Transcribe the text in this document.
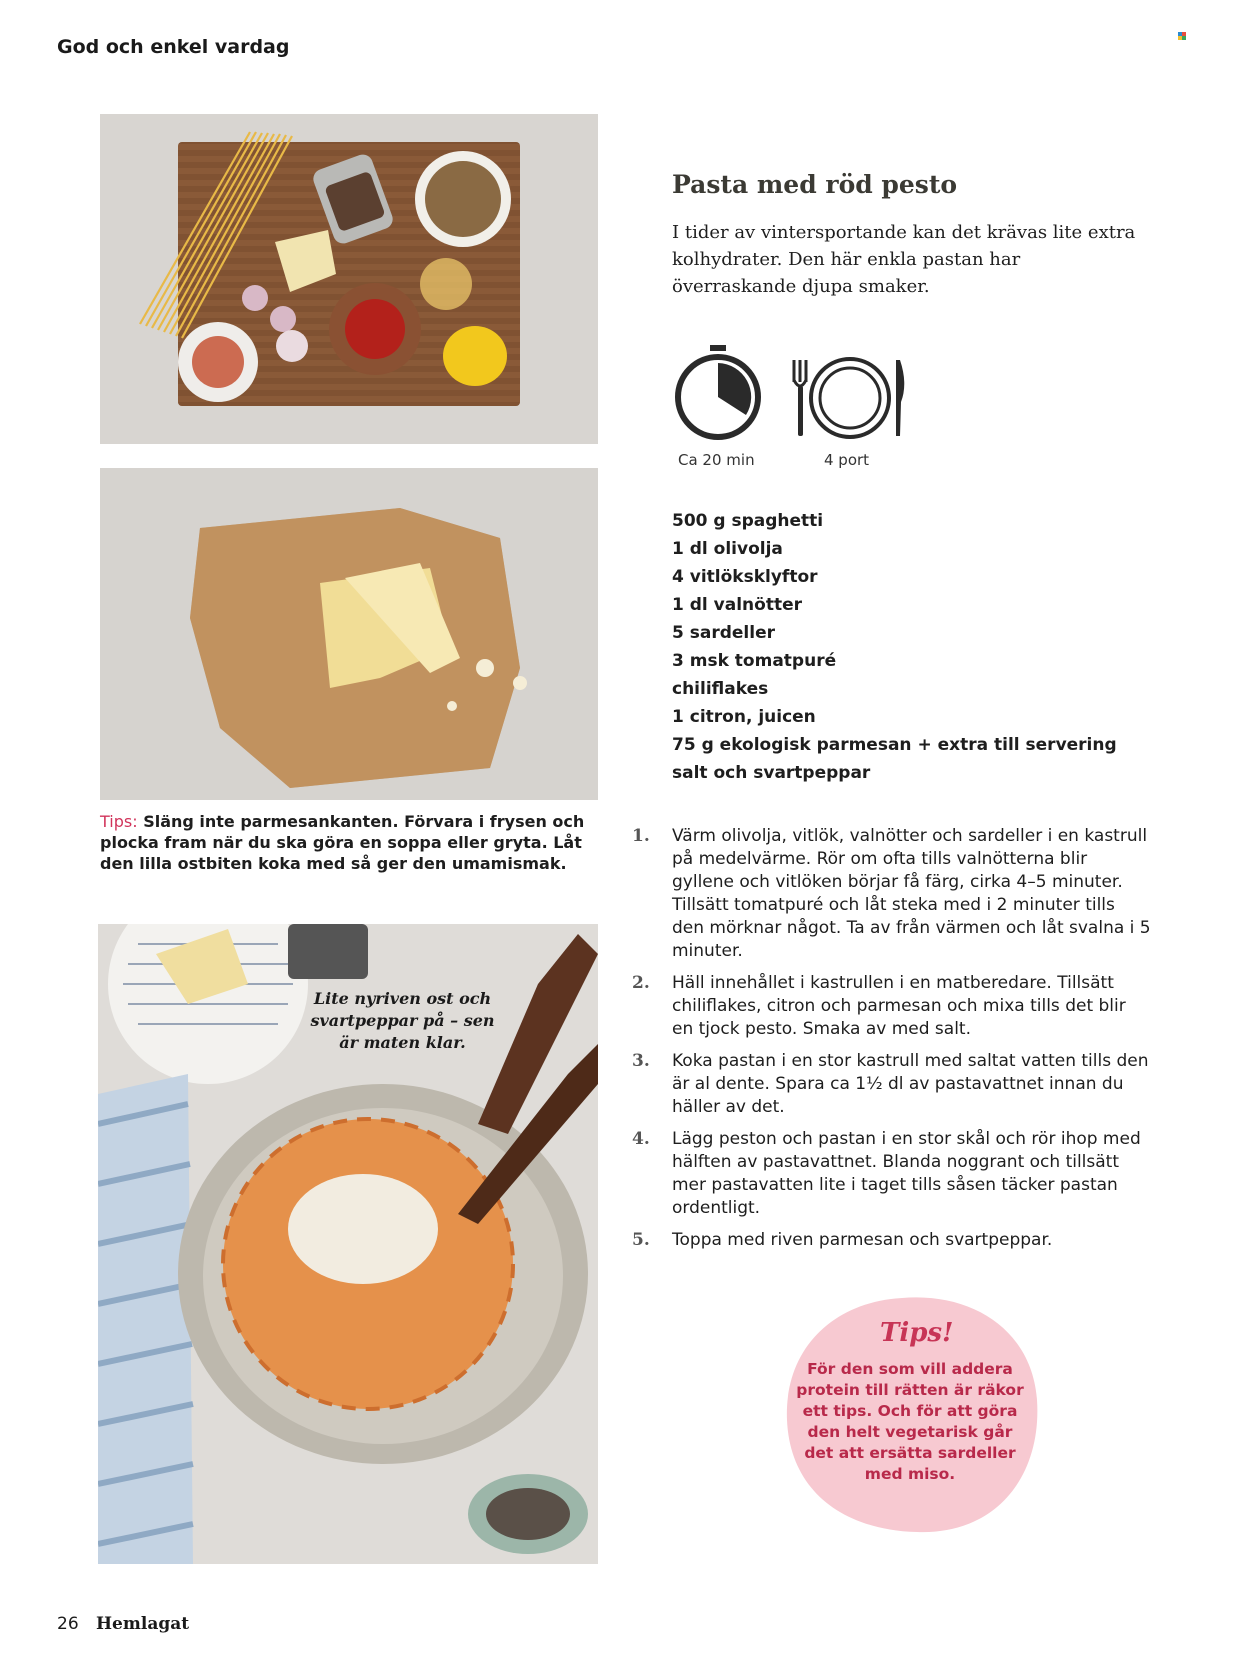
God och enkel vardag
Tips: Släng inte parmesankanten. Förvara i frysen och plocka fram när du ska göra en soppa eller gryta. Låt den lilla ostbiten koka med så ger den umamismak.
Lite nyriven ost och svartpeppar på – sen är maten klar.
Pasta med röd pesto
I tider av vintersportande kan det krävas lite extra kolhydrater. Den här enkla pastan har överraskande djupa smaker.
Ca 20 min	4 port
500 g spaghetti
1 dl olivolja
4 vitlöksklyftor
1 dl valnötter
5 sardeller
3 msk tomatpuré
chiliflakes
1 citron, juicen
75 g ekologisk parmesan + extra till servering
salt och svartpeppar
1. Värm olivolja, vitlök, valnötter och sardeller i en kastrull på medelvärme. Rör om ofta tills valnötterna blir gyllene och vitlöken börjar få färg, cirka 4–5 minuter. Tillsätt tomatpuré och låt steka med i 2 minuter tills den mörknar något. Ta av från värmen och låt svalna i 5 minuter.
2. Häll innehållet i kastrullen i en matberedare. Tillsätt chiliflakes, citron och parmesan och mixa tills det blir en tjock pesto. Smaka av med salt.
3. Koka pastan i en stor kastrull med saltat vatten tills den är al dente. Spara ca 1½ dl av pastavattnet innan du häller av det.
4. Lägg peston och pastan i en stor skål och rör ihop med hälften av pastavattnet. Blanda noggrant och tillsätt mer pastavatten lite i taget tills såsen täcker pastan ordentligt.
5. Toppa med riven parmesan och svartpeppar.
Tips!
För den som vill addera protein till rätten är räkor ett tips. Och för att göra den helt vegetarisk går det att ersätta sardeller med miso.
26 Hemlagat
